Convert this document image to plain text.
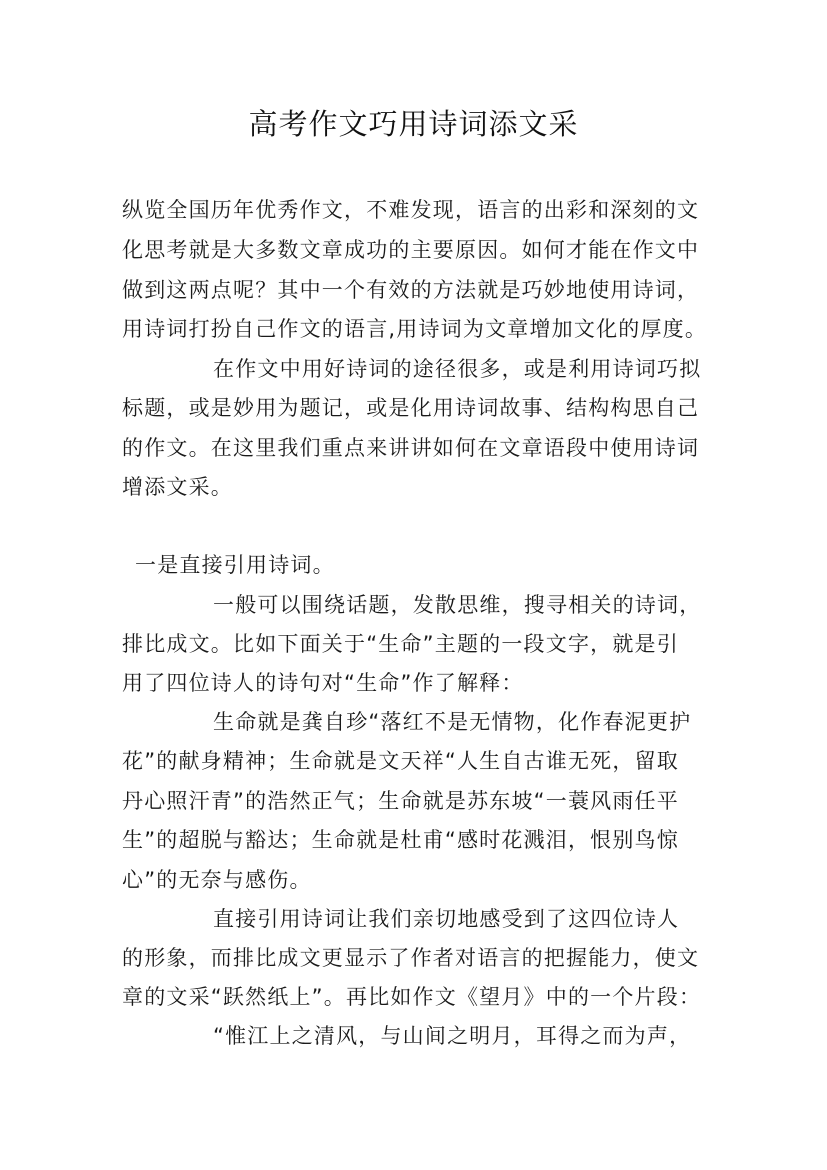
高考作文巧用诗词添文采
纵览全国历年优秀作文，不难发现，语言的出彩和深刻的文
化思考就是大多数文章成功的主要原因。如何才能在作文中
做到这两点呢？其中一个有效的方法就是巧妙地使用诗词，
用诗词打扮自己作文的语言,用诗词为文章增加文化的厚度。
在作文中用好诗词的途径很多，或是利用诗词巧拟
标题，或是妙用为题记，或是化用诗词故事、结构构思自己
的作文。在这里我们重点来讲讲如何在文章语段中使用诗词
增添文采。
一是直接引用诗词。
一般可以围绕话题，发散思维，搜寻相关的诗词，
排比成文。比如下面关于“生命”主题的一段文字，就是引
用了四位诗人的诗句对“生命”作了解释：
生命就是龚自珍“落红不是无情物，化作春泥更护
花”的献身精神；生命就是文天祥“人生自古谁无死，留取
丹心照汗青”的浩然正气；生命就是苏东坡“一蓑风雨任平
生”的超脱与豁达；生命就是杜甫“感时花溅泪，恨别鸟惊
心”的无奈与感伤。
直接引用诗词让我们亲切地感受到了这四位诗人
的形象，而排比成文更显示了作者对语言的把握能力，使文
章的文采“跃然纸上”。再比如作文《望月》中的一个片段：
“惟江上之清风，与山间之明月，耳得之而为声，
